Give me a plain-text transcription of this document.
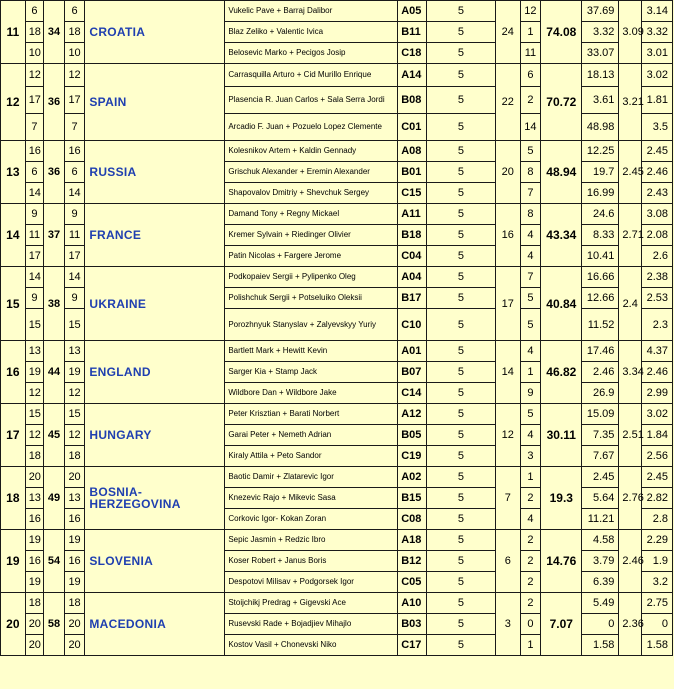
11	6	34	6	CROATIA	Vukelic Pave + Barraj Dalibor	A05	5	24	12	74.08	37.69	3.09	3.14
	18		18		Blaz Zeliko + Valentic Ivica	B11	5		1		3.32		3.32
	10		10		Belosevic Marko + Pecigos Josip	C18	5		11		33.07		3.01
12	12	36	12	SPAIN	Carrasquilla Arturo + Cid Murillo Enrique	A14	5	22	6	70.72	18.13	3.21	3.02
	17		17		Plasencia R. Juan Carlos + Sala Serra Jordi	B08	5		2		3.61		1.81
	7		7		Arcadio F. Juan + Pozuelo Lopez Clemente	C01	5		14		48.98		3.5
13	16	36	16	RUSSIA	Kolesnikov Artem + Kaldin Gennady	A08	5	20	5	48.94	12.25	2.45	2.45
	6		6		Grischuk Alexander + Eremin Alexander	B01	5		8		19.7		2.46
	14		14		Shapovalov Dmitriy + Shevchuk Sergey	C15	5		7		16.99		2.43
14	9	37	9	FRANCE	Damand Tony + Regny Mickael	A11	5	16	8	43.34	24.6	2.71	3.08
	11		11		Kremer Sylvain + Riedinger Olivier	B18	5		4		8.33		2.08
	17		17		Patin Nicolas + Fargere Jerome	C04	5		4		10.41		2.6
15	14	38	14	UKRAINE	Podkopaiev Sergii + Pylipenko Oleg	A04	5	17	7	40.84	16.66	2.4	2.38
	9		9		Polishchuk Sergii + Potseluiko Oleksii	B17	5		5		12.66		2.53
	15		15		Porozhnyuk Stanyslav + Zalyevskyy Yuriy	C10	5		5		11.52		2.3
16	13	44	13	ENGLAND	Bartlett Mark + Hewitt Kevin	A01	5	14	4	46.82	17.46	3.34	4.37
	19		19		Sarger Kia + Stamp Jack	B07	5		1		2.46		2.46
	12		12		Wildbore Dan + Wildbore Jake	C14	5		9		26.9		2.99
17	15	45	15	HUNGARY	Peter Krisztian + Barati Norbert	A12	5	12	5	30.11	15.09	2.51	3.02
	12		12		Garai Peter + Nemeth Adrian	B05	5		4		7.35		1.84
	18		18		Kiraly Attila + Peto Sandor	C19	5		3		7.67		2.56
18	20	49	20	BOSNIA-HERZEGOVINA	Baotic Damir + Zlatarevic Igor	A02	5	7	1	19.3	2.45	2.76	2.45
	13		13		Knezevic Rajo + Mikevic Sasa	B15	5		2		5.64		2.82
	16		16		Corkovic Igor- Kokan Zoran	C08	5		4		11.21		2.8
19	19	54	19	SLOVENIA	Sepic Jasmin + Redzic Ibro	A18	5	6	2	14.76	4.58	2.46	2.29
	16		16		Koser Robert + Janus Boris	B12	5		2		3.79		1.9
	19		19		Despotovi Milisav + Podgorsek Igor	C05	5		2		6.39		3.2
20	18	58	18	MACEDONIA	Stoijchikj Predrag + Gigevski Ace	A10	5	3	2	7.07	5.49	2.36	2.75
	20		20		Rusevski Rade + Bojadjiev Mihajlo	B03	5		0		0		0
	20		20		Kostov Vasil + Chonevski Niko	C17	5		1		1.58		1.58
